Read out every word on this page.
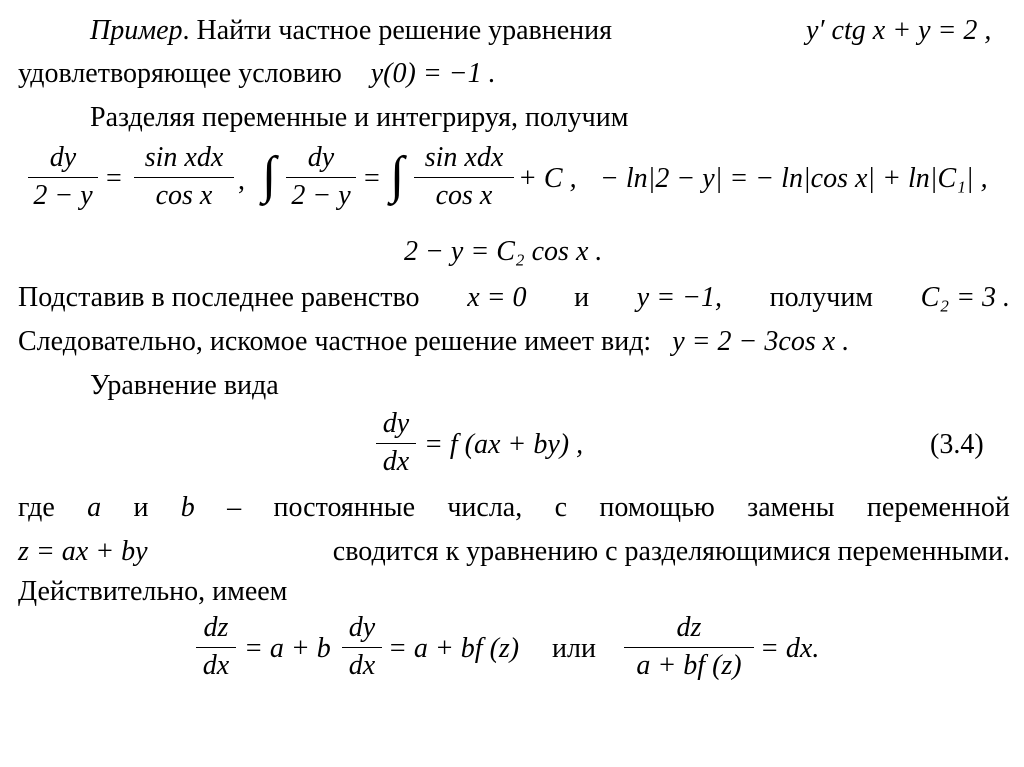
Пример. Найти частное решение уравнения	y′ ctg x + y = 2 ,
удовлетворяющее условию y(0) = −1 .
Разделяя переменные и интегрируя, получим
dy
2 − y
=
sin xdx
cos x , ∫	dy
2 − y
= ∫ sin xdx
cos x
+ C , − ln|2 − y| = − ln|cos x| + ln|C₁| ,
2 − y = C₂ cos x .
Подставив в последнее равенство x = 0 и y = −1, получим C₂ = 3 .
Следовательно, искомое частное решение имеет вид: y = 2 − 3cos x .
Уравнение вида
dy
dx
= f (ax + by) ,	(3.4)
где a и b – постоянные числа, с помощью замены переменной
z = ax + by	сводится к уравнению с разделяющимися переменными.
Действительно, имеем
dz
dx
= a + b
dy
dx
= a + bf (z) или
dz
a + bf (z)
= dx.
